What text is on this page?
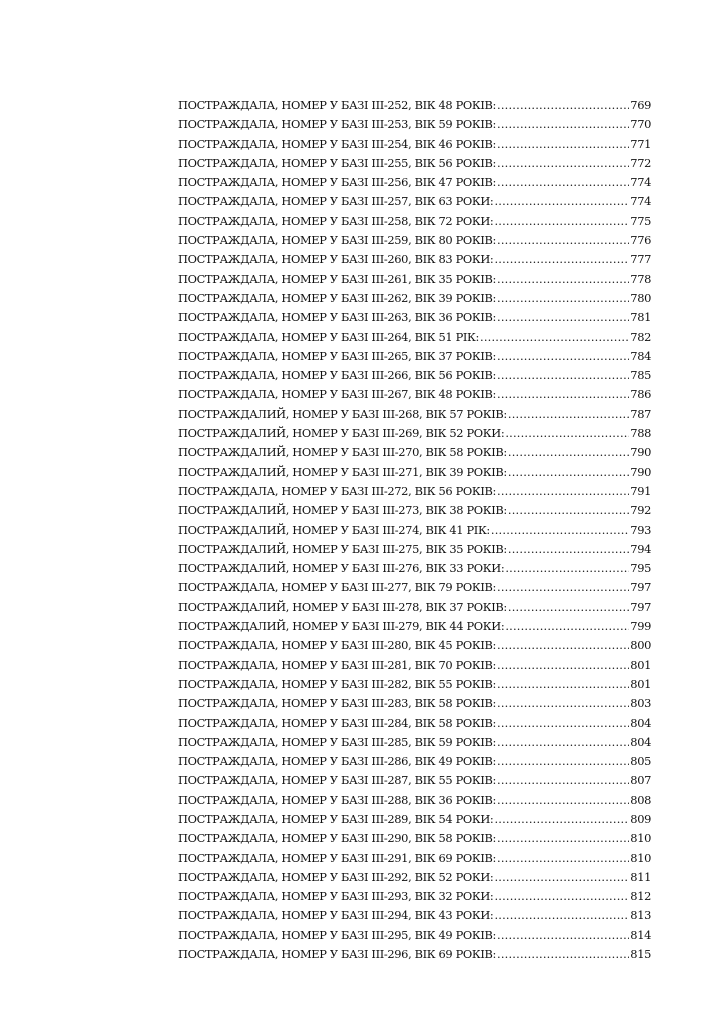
ПОСТРАЖДАЛА, НОМЕР У БАЗІ ІІІ-252, ВІК 48 РОКІВ: .....	769
ПОСТРАЖДАЛА, НОМЕР У БАЗІ ІІІ-253, ВІК 59 РОКІВ: .....	770
ПОСТРАЖДАЛА, НОМЕР У БАЗІ ІІІ-254, ВІК 46 РОКІВ: .....	771
ПОСТРАЖДАЛА, НОМЕР У БАЗІ ІІІ-255, ВІК 56 РОКІВ: .....	772
ПОСТРАЖДАЛА, НОМЕР У БАЗІ ІІІ-256, ВІК 47 РОКІВ: .....	774
ПОСТРАЖДАЛА, НОМЕР У БАЗІ ІІІ-257, ВІК 63 РОКИ: .....	774
ПОСТРАЖДАЛА, НОМЕР У БАЗІ ІІІ-258, ВІК 72 РОКИ: .....	775
ПОСТРАЖДАЛА, НОМЕР У БАЗІ ІІІ-259, ВІК 80 РОКІВ: .....	776
ПОСТРАЖДАЛА, НОМЕР У БАЗІ ІІІ-260, ВІК 83 РОКИ: .....	777
ПОСТРАЖДАЛА, НОМЕР У БАЗІ ІІІ-261, ВІК 35 РОКІВ: .....	778
ПОСТРАЖДАЛА, НОМЕР У БАЗІ ІІІ-262, ВІК 39 РОКІВ: .....	780
ПОСТРАЖДАЛА, НОМЕР У БАЗІ ІІІ-263, ВІК 36 РОКІВ: .....	781
ПОСТРАЖДАЛА, НОМЕР У БАЗІ ІІІ-264, ВІК 51 РІК: .....	782
ПОСТРАЖДАЛА, НОМЕР У БАЗІ ІІІ-265, ВІК 37 РОКІВ: .....	784
ПОСТРАЖДАЛА, НОМЕР У БАЗІ ІІІ-266, ВІК 56 РОКІВ: .....	785
ПОСТРАЖДАЛА, НОМЕР У БАЗІ ІІІ-267, ВІК 48 РОКІВ: .....	786
ПОСТРАЖДАЛИЙ, НОМЕР У БАЗІ ІІІ-268, ВІК 57 РОКІВ: .....	787
ПОСТРАЖДАЛИЙ, НОМЕР У БАЗІ ІІІ-269, ВІК 52 РОКИ: .....	788
ПОСТРАЖДАЛИЙ, НОМЕР У БАЗІ ІІІ-270, ВІК 58 РОКІВ: .....	790
ПОСТРАЖДАЛИЙ, НОМЕР У БАЗІ ІІІ-271, ВІК 39 РОКІВ: .....	790
ПОСТРАЖДАЛА, НОМЕР У БАЗІ ІІІ-272, ВІК 56 РОКІВ: .....	791
ПОСТРАЖДАЛИЙ, НОМЕР У БАЗІ ІІІ-273, ВІК 38 РОКІВ: .....	792
ПОСТРАЖДАЛИЙ, НОМЕР У БАЗІ ІІІ-274, ВІК 41 РІК: .....	793
ПОСТРАЖДАЛИЙ, НОМЕР У БАЗІ ІІІ-275, ВІК 35 РОКІВ: .....	794
ПОСТРАЖДАЛИЙ, НОМЕР У БАЗІ ІІІ-276, ВІК 33 РОКИ: .....	795
ПОСТРАЖДАЛА, НОМЕР У БАЗІ ІІІ-277, ВІК 79 РОКІВ: .....	797
ПОСТРАЖДАЛИЙ, НОМЕР У БАЗІ ІІІ-278, ВІК 37 РОКІВ: .....	797
ПОСТРАЖДАЛИЙ, НОМЕР У БАЗІ ІІІ-279, ВІК 44 РОКИ: .....	799
ПОСТРАЖДАЛА, НОМЕР У БАЗІ ІІІ-280, ВІК 45 РОКІВ: .....	800
ПОСТРАЖДАЛА, НОМЕР У БАЗІ ІІІ-281, ВІК 70 РОКІВ: .....	801
ПОСТРАЖДАЛА, НОМЕР У БАЗІ ІІІ-282, ВІК 55 РОКІВ: .....	801
ПОСТРАЖДАЛА, НОМЕР У БАЗІ ІІІ-283, ВІК 58 РОКІВ: .....	803
ПОСТРАЖДАЛА, НОМЕР У БАЗІ ІІІ-284, ВІК 58 РОКІВ: .....	804
ПОСТРАЖДАЛА, НОМЕР У БАЗІ ІІІ-285, ВІК 59 РОКІВ: .....	804
ПОСТРАЖДАЛА, НОМЕР У БАЗІ ІІІ-286, ВІК 49 РОКІВ: .....	805
ПОСТРАЖДАЛА, НОМЕР У БАЗІ ІІІ-287, ВІК 55 РОКІВ: .....	807
ПОСТРАЖДАЛА, НОМЕР У БАЗІ ІІІ-288, ВІК 36 РОКІВ: .....	808
ПОСТРАЖДАЛА, НОМЕР У БАЗІ ІІІ-289, ВІК 54 РОКИ: .....	809
ПОСТРАЖДАЛА, НОМЕР У БАЗІ ІІІ-290, ВІК 58 РОКІВ: .....	810
ПОСТРАЖДАЛА, НОМЕР У БАЗІ ІІІ-291, ВІК 69 РОКІВ: .....	810
ПОСТРАЖДАЛА, НОМЕР У БАЗІ ІІІ-292, ВІК 52 РОКИ: .....	811
ПОСТРАЖДАЛА, НОМЕР У БАЗІ ІІІ-293, ВІК 32 РОКИ: .....	812
ПОСТРАЖДАЛА, НОМЕР У БАЗІ ІІІ-294, ВІК 43 РОКИ: .....	813
ПОСТРАЖДАЛА, НОМЕР У БАЗІ ІІІ-295, ВІК 49 РОКІВ: .....	814
ПОСТРАЖДАЛА, НОМЕР У БАЗІ ІІІ-296, ВІК 69 РОКІВ: .....	815
